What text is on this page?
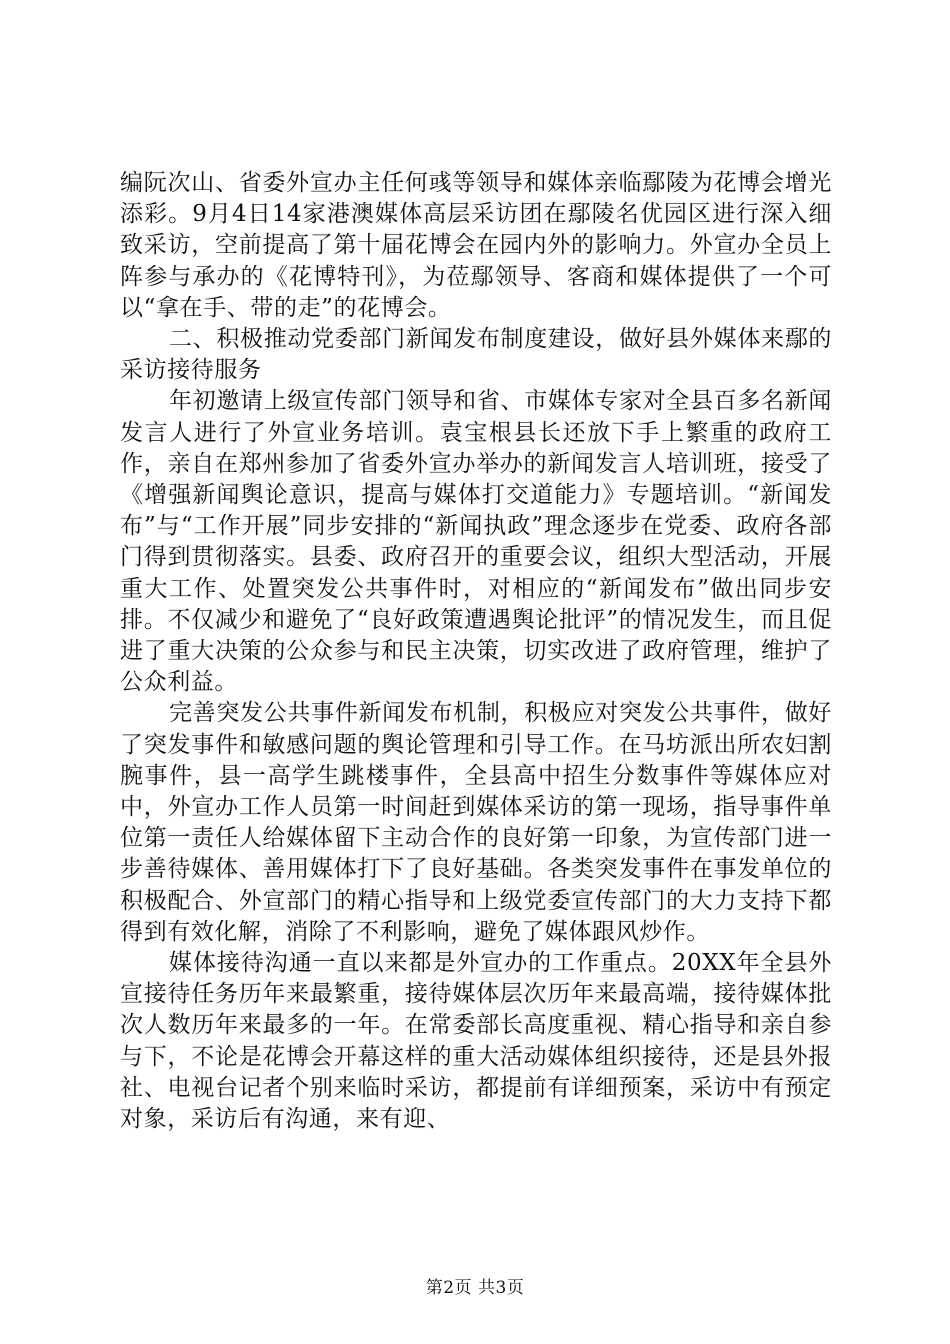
编阮次山、省委外宣办主任何彧等领导和媒体亲临鄢陵为花博会增光添彩。9月4日14家港澳媒体高层采访团在鄢陵名优园区进行深入细致采访，空前提高了第十届花博会在园内外的影响力。外宣办全员上阵参与承办的《花博特刊》，为莅鄢领导、客商和媒体提供了一个可以“拿在手、带的走”的花博会。

二、积极推动党委部门新闻发布制度建设，做好县外媒体来鄢的采访接待服务

年初邀请上级宣传部门领导和省、市媒体专家对全县百多名新闻发言人进行了外宣业务培训。袁宝根县长还放下手上繁重的政府工作，亲自在郑州参加了省委外宣办举办的新闻发言人培训班，接受了《增强新闻舆论意识，提高与媒体打交道能力》专题培训。“新闻发布”与“工作开展”同步安排的“新闻执政”理念逐步在党委、政府各部门得到贯彻落实。县委、政府召开的重要会议，组织大型活动，开展重大工作、处置突发公共事件时，对相应的“新闻发布”做出同步安排。不仅减少和避免了“良好政策遭遇舆论批评”的情况发生，而且促进了重大决策的公众参与和民主决策，切实改进了政府管理，维护了公众利益。

完善突发公共事件新闻发布机制，积极应对突发公共事件，做好了突发事件和敏感问题的舆论管理和引导工作。在马坊派出所农妇割腕事件，县一高学生跳楼事件，全县高中招生分数事件等媒体应对中，外宣办工作人员第一时间赶到媒体采访的第一现场，指导事件单位第一责任人给媒体留下主动合作的良好第一印象，为宣传部门进一步善待媒体、善用媒体打下了良好基础。各类突发事件在事发单位的积极配合、外宣部门的精心指导和上级党委宣传部门的大力支持下都得到有效化解，消除了不利影响，避免了媒体跟风炒作。

媒体接待沟通一直以来都是外宣办的工作重点。20XX年全县外宣接待任务历年来最繁重，接待媒体层次历年来最高端，接待媒体批次人数历年来最多的一年。在常委部长高度重视、精心指导和亲自参与下，不论是花博会开幕这样的重大活动媒体组织接待，还是县外报社、电视台记者个别来临时采访，都提前有详细预案，采访中有预定对象，采访后有沟通，来有迎、

第2页 共3页
